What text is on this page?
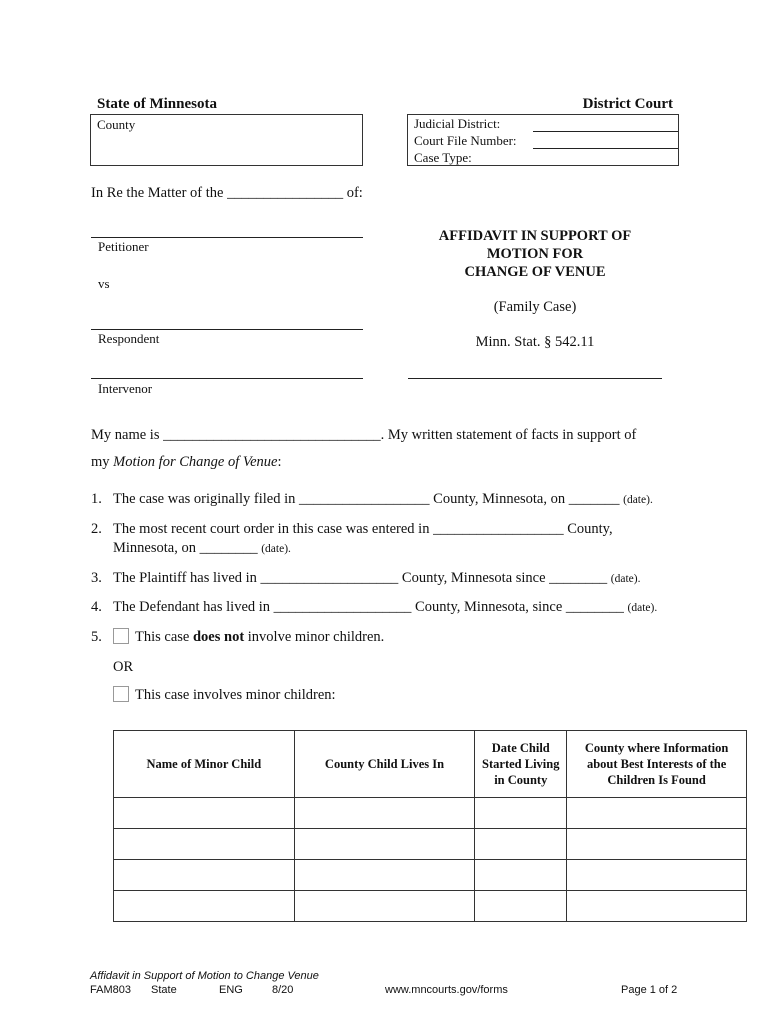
State of Minnesota	District Court
County	Judicial District:
Court File Number:
Case Type:
In Re the Matter of the ________________ of:
Petitioner
vs
Respondent
Intervenor
AFFIDAVIT IN SUPPORT OF
MOTION FOR
CHANGE OF VENUE
(Family Case)
Minn. Stat. § 542.11
My name is ______________________________. My written statement of facts in support of
my Motion for Change of Venue:
1. The case was originally filed in __________________ County, Minnesota, on _______ (date).
2. The most recent court order in this case was entered in __________________ County,
Minnesota, on ________ (date).
3. The Plaintiff has lived in ___________________ County, Minnesota since ________ (date).
4. The Defendant has lived in ___________________ County, Minnesota, since ________ (date).
5. This case does not involve minor children.
OR
This case involves minor children:
Name of Minor Child	County Child Lives In	Date Child Started Living in County	County where Information about Best Interests of the Children Is Found

Affidavit in Support of Motion to Change Venue
FAM803 State	ENG	8/20	www.mncourts.gov/forms	Page 1 of 2
